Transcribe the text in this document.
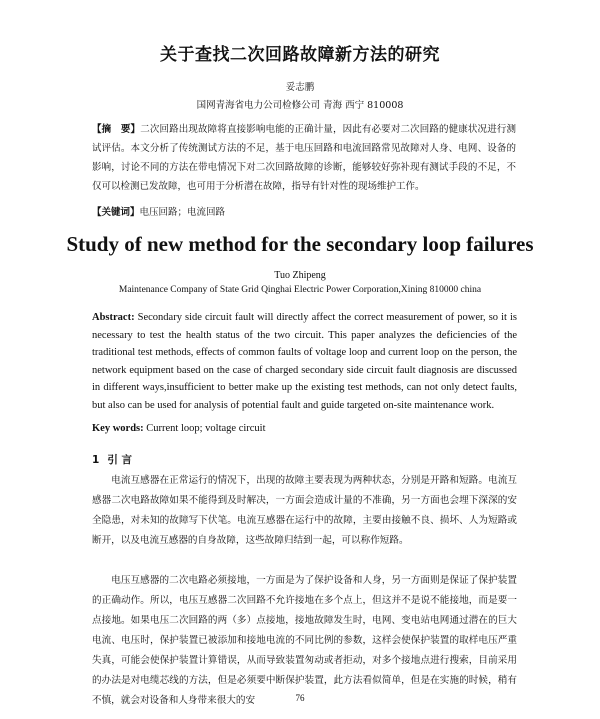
关于查找二次回路故障新方法的研究
妥志鹏
国网青海省电力公司检修公司 青海 西宁 810008
【摘　要】二次回路出现故障将直接影响电能的正确计量，因此有必要对二次回路的健康状况进行测试评估。本文分析了传统测试方法的不足，基于电压回路和电流回路常见故障对人身、电网、设备的影响，讨论不同的方法在带电情况下对二次回路故障的诊断，能够较好弥补现有测试手段的不足，不仅可以检测已发故障，也可用于分析潜在故障，指导有针对性的现场维护工作。
【关键词】电压回路；电流回路
Study of new method for the secondary loop failures
Tuo Zhipeng
Maintenance Company of State Grid Qinghai Electric Power Corporation,Xining 810000 china
Abstract: Secondary side circuit fault will directly affect the correct measurement of power, so it is necessary to test the health status of the two circuit. This paper analyzes the deficiencies of the traditional test methods, effects of common faults of voltage loop and current loop on the person, the network equipment based on the case of charged secondary side circuit fault diagnosis are discussed in different ways,insufficient to better make up the existing test methods, can not only detect faults, but also can be used for analysis of potential fault and guide targeted on-site maintenance work.
Key words: Current loop; voltage circuit
1 引 言
电流互感器在正常运行的情况下，出现的故障主要表现为两种状态，分别是开路和短路。电流互感器二次电路故障如果不能得到及时解决，一方面会造成计量的不准确，另一方面也会埋下深深的安全隐患，对未知的故障写下伏笔。电流互感器在运行中的故障，主要由接触不良、损坏、人为短路或断开，以及电流互感器的自身故障，这些故障归结到一起，可以称作短路。
电压互感器的二次电路必须接地，一方面是为了保护设备和人身，另一方面则是保证了保护装置的正确动作。所以，电压互感器二次回路不允许接地在多个点上，但这并不是说不能接地，而是要一点接地。如果电压二次回路的两（多）点接地，接地故障发生时，电网、变电站电网通过潜在的巨大电流、电压时，保护装置已被添加和接地电流的不同比例的参数，这样会使保护装置的取样电压严重失真，可能会使保护装置计算错误，从而导致装置匆动或者拒动，对多个接地点进行搜索，目前采用的办法是对电缆芯线的方法，但是必须要中断保护装置，此方法看似简单，但是在实施的时候，稍有不慎，就会对设备和人身带来很大的安	76
